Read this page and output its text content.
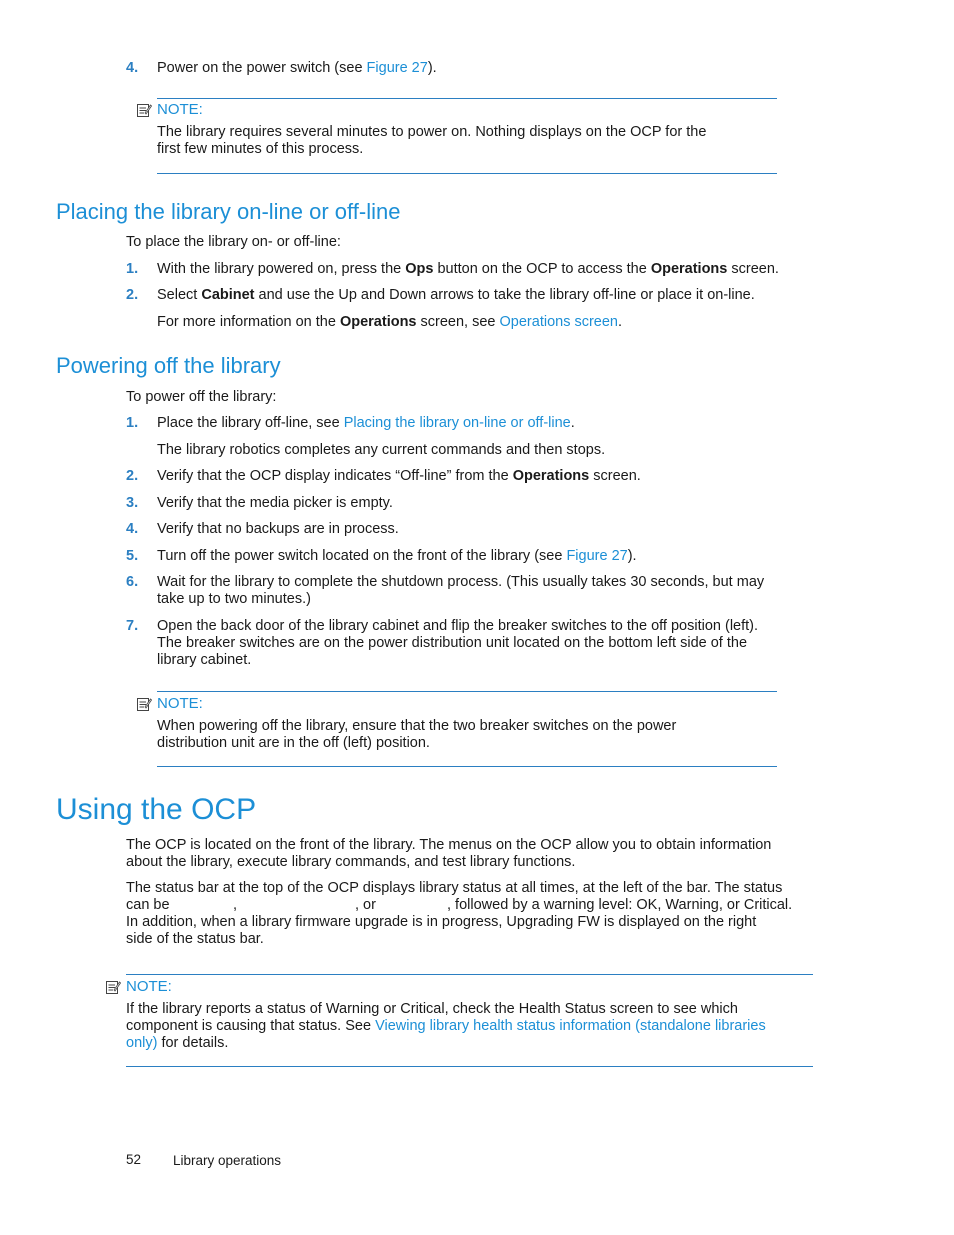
4. Power on the power switch (see Figure 27).
NOTE:
The library requires several minutes to power on. Nothing displays on the OCP for the
first few minutes of this process.
Placing the library on-line or off-line
To place the library on- or off-line:
1. With the library powered on, press the Ops button on the OCP to access the Operations screen.
2. Select Cabinet and use the Up and Down arrows to take the library off-line or place it on-line.
For more information on the Operations screen, see Operations screen.
Powering off the library
To power off the library:
1. Place the library off-line, see Placing the library on-line or off-line.
The library robotics completes any current commands and then stops.
2. Verify that the OCP display indicates “Off-line” from the Operations screen.
3. Verify that the media picker is empty.
4. Verify that no backups are in process.
5. Turn off the power switch located on the front of the library (see Figure 27).
6. Wait for the library to complete the shutdown process. (This usually takes 30 seconds, but may
take up to two minutes.)
7. Open the back door of the library cabinet and flip the breaker switches to the off position (left).
The breaker switches are on the power distribution unit located on the bottom left side of the
library cabinet.
NOTE:
When powering off the library, ensure that the two breaker switches on the power
distribution unit are in the off (left) position.
Using the OCP
The OCP is located on the front of the library. The menus on the OCP allow you to obtain information
about the library, execute library commands, and test library functions.
The status bar at the top of the OCP displays library status at all times, at the left of the bar. The status
can be	,	, or	, followed by a warning level: OK, Warning, or Critical.
In addition, when a library firmware upgrade is in progress, Upgrading FW is displayed on the right
side of the status bar.
NOTE:
If the library reports a status of Warning or Critical, check the Health Status screen to see which
component is causing that status. See Viewing library health status information (standalone libraries
only) for details.
52 Library operations
